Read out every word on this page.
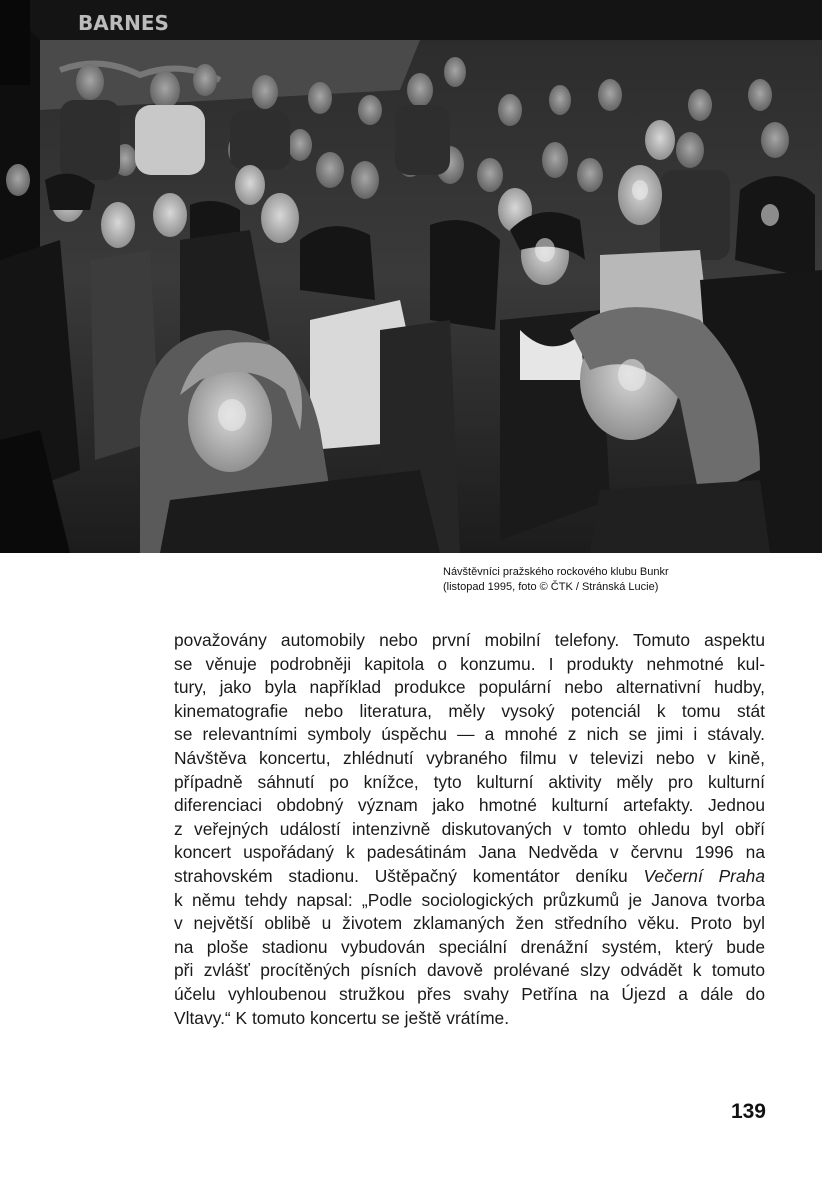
BARNES
Návštěvníci pražského rockového klubu Bunkr
(listopad 1995, foto © ČTK / Stránská Lucie)
považovány automobily nebo první mobilní telefony. Tomuto aspektu
se věnuje podrobněji kapitola o konzumu. I produkty nehmotné kul-
tury, jako byla například produkce populární nebo alternativní hudby,
kinematografie nebo literatura, měly vysoký potenciál k tomu stát
se relevantními symboly úspěchu — a mnohé z nich se jimi i stávaly.
Návštěva koncertu, zhlédnutí vybraného filmu v televizi nebo v kině,
případně sáhnutí po knížce, tyto kulturní aktivity měly pro kulturní
diferenciaci obdobný význam jako hmotné kulturní artefakty. Jednou
z veřejných událostí intenzivně diskutovaných v tomto ohledu byl obří
koncert uspořádaný k padesátinám Jana Nedvěda v červnu 1996 na
strahovském stadionu. Uštěpačný komentátor deníku Večerní Praha
k němu tehdy napsal: „Podle sociologických průzkumů je Janova tvorba
v největší oblibě u životem zklamaných žen středního věku. Proto byl
na ploše stadionu vybudován speciální drenážní systém, který bude
při zvlášť procítěných písních davově prolévané slzy odvádět k tomuto
účelu vyhloubenou stružkou přes svahy Petřína na Újezd a dále do
Vltavy.“ K tomuto koncertu se ještě vrátíme.
139
